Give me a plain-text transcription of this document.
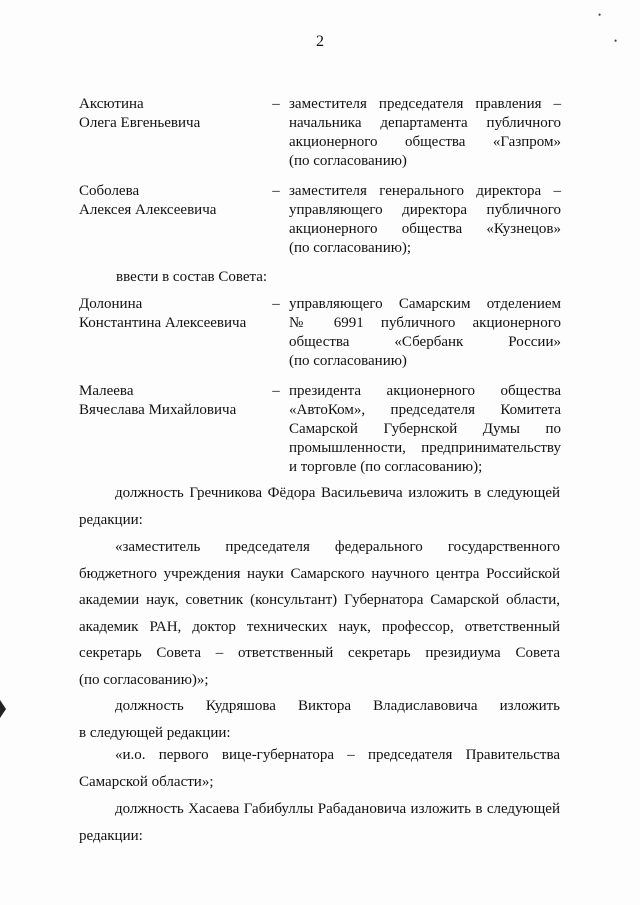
2
•
•
Аксютина
Олега Евгеньевича
– заместителя председателя правления –
начальника департамента публичного
акционерного общества «Газпром»
(по согласованию)
Соболева
Алексея Алексеевича
– заместителя генерального директора –
управляющего директора публичного
акционерного общества «Кузнецов»
(по согласованию);
ввести в состав Совета:
Долонина
Константина Алексеевича
– управляющего Самарским отделением
№ 6991 публичного акционерного
общества «Сбербанк России»
(по согласованию)
Малеева
Вячеслава Михайловича
– президента акционерного общества
«АвтоКом», председателя Комитета
Самарской Губернской Думы по
промышленности, предпринимательству
и торговле (по согласованию);
должность Гречникова Фёдора Васильевича изложить в следующей
редакции:
«заместитель председателя федерального государственного
бюджетного учреждения науки Самарского научного центра Российской
академии наук, советник (консультант) Губернатора Самарской области,
академик РАН, доктор технических наук, профессор, ответственный
секретарь Совета – ответственный секретарь президиума Совета
(по согласованию)»;
должность Кудряшова Виктора Владиславовича изложить
в следующей редакции:
«и.о. первого вице-губернатора – председателя Правительства
Самарской области»;
должность Хасаева Габибуллы Рабадановича изложить в следующей
редакции:
